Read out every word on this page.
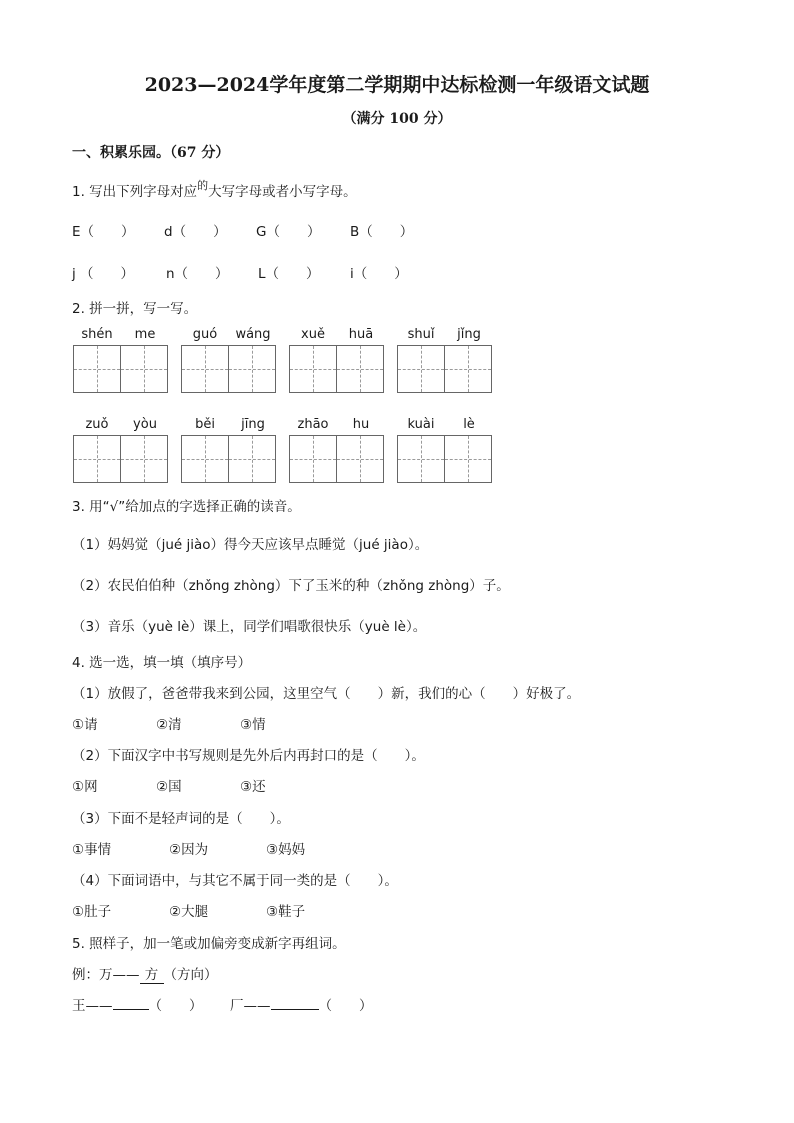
2023—2024学年度第二学期期中达标检测一年级语文试题
（满分 100 分）
一、积累乐园。（67 分）
1. 写出下列字母对应$^的$大写字母或者小写字母。
E（　　） d（　　） G（　　） B（　　）
j （　　） n（　　） L（　　） i（　　）
2. 拼一拼，写一写。
shén	me	guó	wáng	xuě	huā	shuǐ	jǐng
zuǒ	yòu	běi	jīng	zhāo	hu	kuài	lè
3. 用“√”给加点的字选择正确的读音。
（1）妈妈觉（jué jiào）得今天应该早点睡觉（jué jiào）。
（2）农民伯伯种（zhǒng zhòng）下了玉米的种（zhǒng zhòng）子。
（3）音乐（yuè lè）课上，同学们唱歌很快乐（yuè lè）。
4. 选一选，填一填（填序号）
（1）放假了，爸爸带我来到公园，这里空气（　　）新，我们的心（　　）好极了。
①请	②清	③情
（2）下面汉字中书写规则是先外后内再封口的是（　　）。
①网	②国	③还
（3）下面不是轻声词的是（　　）。
①事情	②因为	③妈妈
（4）下面词语中，与其它不属于同一类的是（　　）。
①肚子	②大腿	③鞋子
5. 照样子，加一笔或加偏旁变成新字再组词。
例：万—— 方 （方向）
王——	（　　） 厂——	（　　）
